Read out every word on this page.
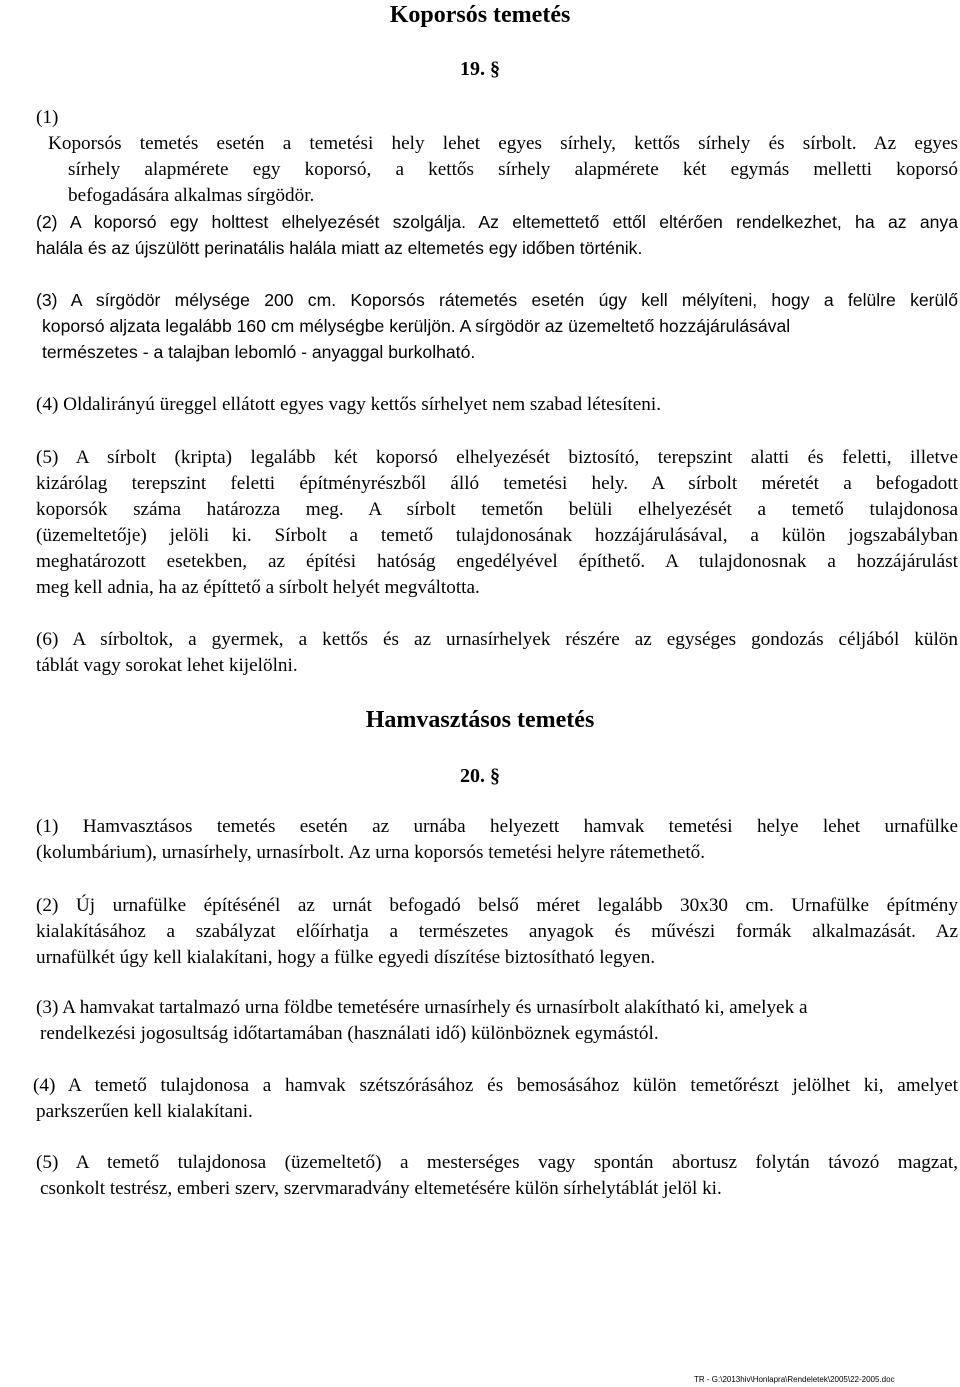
Koporsós temetés
19. §
(1)
Koporsós temetés esetén a temetési hely lehet egyes sírhely, kettős sírhely és sírbolt. Az egyes
sírhely alapmérete egy koporsó, a kettős sírhely alapmérete két egymás melletti koporsó
befogadására alkalmas sírgödör.
(2) A koporsó egy holttest elhelyezését szolgálja. Az eltemettető ettől eltérően rendelkezhet, ha az anya
halála és az újszülött perinatális halála miatt az eltemetés egy időben történik.
(3) A sírgödör mélysége 200 cm. Koporsós rátemetés esetén úgy kell mélyíteni, hogy a felülre kerülő
koporsó aljzata legalább 160 cm mélységbe kerüljön. A sírgödör az üzemeltető hozzájárulásával
természetes - a talajban lebomló - anyaggal burkolható.
(4) Oldalirányú üreggel ellátott egyes vagy kettős sírhelyet nem szabad létesíteni.
(5) A sírbolt (kripta) legalább két koporsó elhelyezését biztosító, terepszint alatti és feletti, illetve
kizárólag terepszint feletti építményrészből álló temetési hely. A sírbolt méretét a befogadott
koporsók száma határozza meg. A sírbolt temetőn belüli elhelyezését a temető tulajdonosa
(üzemeltetője) jelöli ki. Sírbolt a temető tulajdonosának hozzájárulásával, a külön jogszabályban
meghatározott esetekben, az építési hatóság engedélyével építhető. A tulajdonosnak a hozzájárulást
meg kell adnia, ha az építtető a sírbolt helyét megváltotta.
(6) A sírboltok, a gyermek, a kettős és az urnasírhelyek részére az egységes gondozás céljából külön
táblát vagy sorokat lehet kijelölni.
Hamvasztásos temetés
20. §
(1) Hamvasztásos temetés esetén az urnába helyezett hamvak temetési helye lehet urnafülke
(kolumbárium), urnasírhely, urnasírbolt. Az urna koporsós temetési helyre rátemethető.
(2) Új urnafülke építésénél az urnát befogadó belső méret legalább 30x30 cm. Urnafülke építmény
kialakításához a szabályzat előírhatja a természetes anyagok és művészi formák alkalmazását. Az
urnafülkét úgy kell kialakítani, hogy a fülke egyedi díszítése biztosítható legyen.
(3) A hamvakat tartalmazó urna földbe temetésére urnasírhely és urnasírbolt alakítható ki, amelyek a
rendelkezési jogosultság időtartamában (használati idő) különböznek egymástól.
(4) A temető tulajdonosa a hamvak szétszórásához és bemosásához külön temetőrészt jelölhet ki, amelyet
parkszerűen kell kialakítani.
(5) A temető tulajdonosa (üzemeltető) a mesterséges vagy spontán abortusz folytán távozó magzat,
csonkolt testrész, emberi szerv, szervmaradvány eltemetésére külön sírhelytáblát jelöl ki.
TR - G:\2013hiv\Honlapra\Rendeletek\2005\22-2005.doc
